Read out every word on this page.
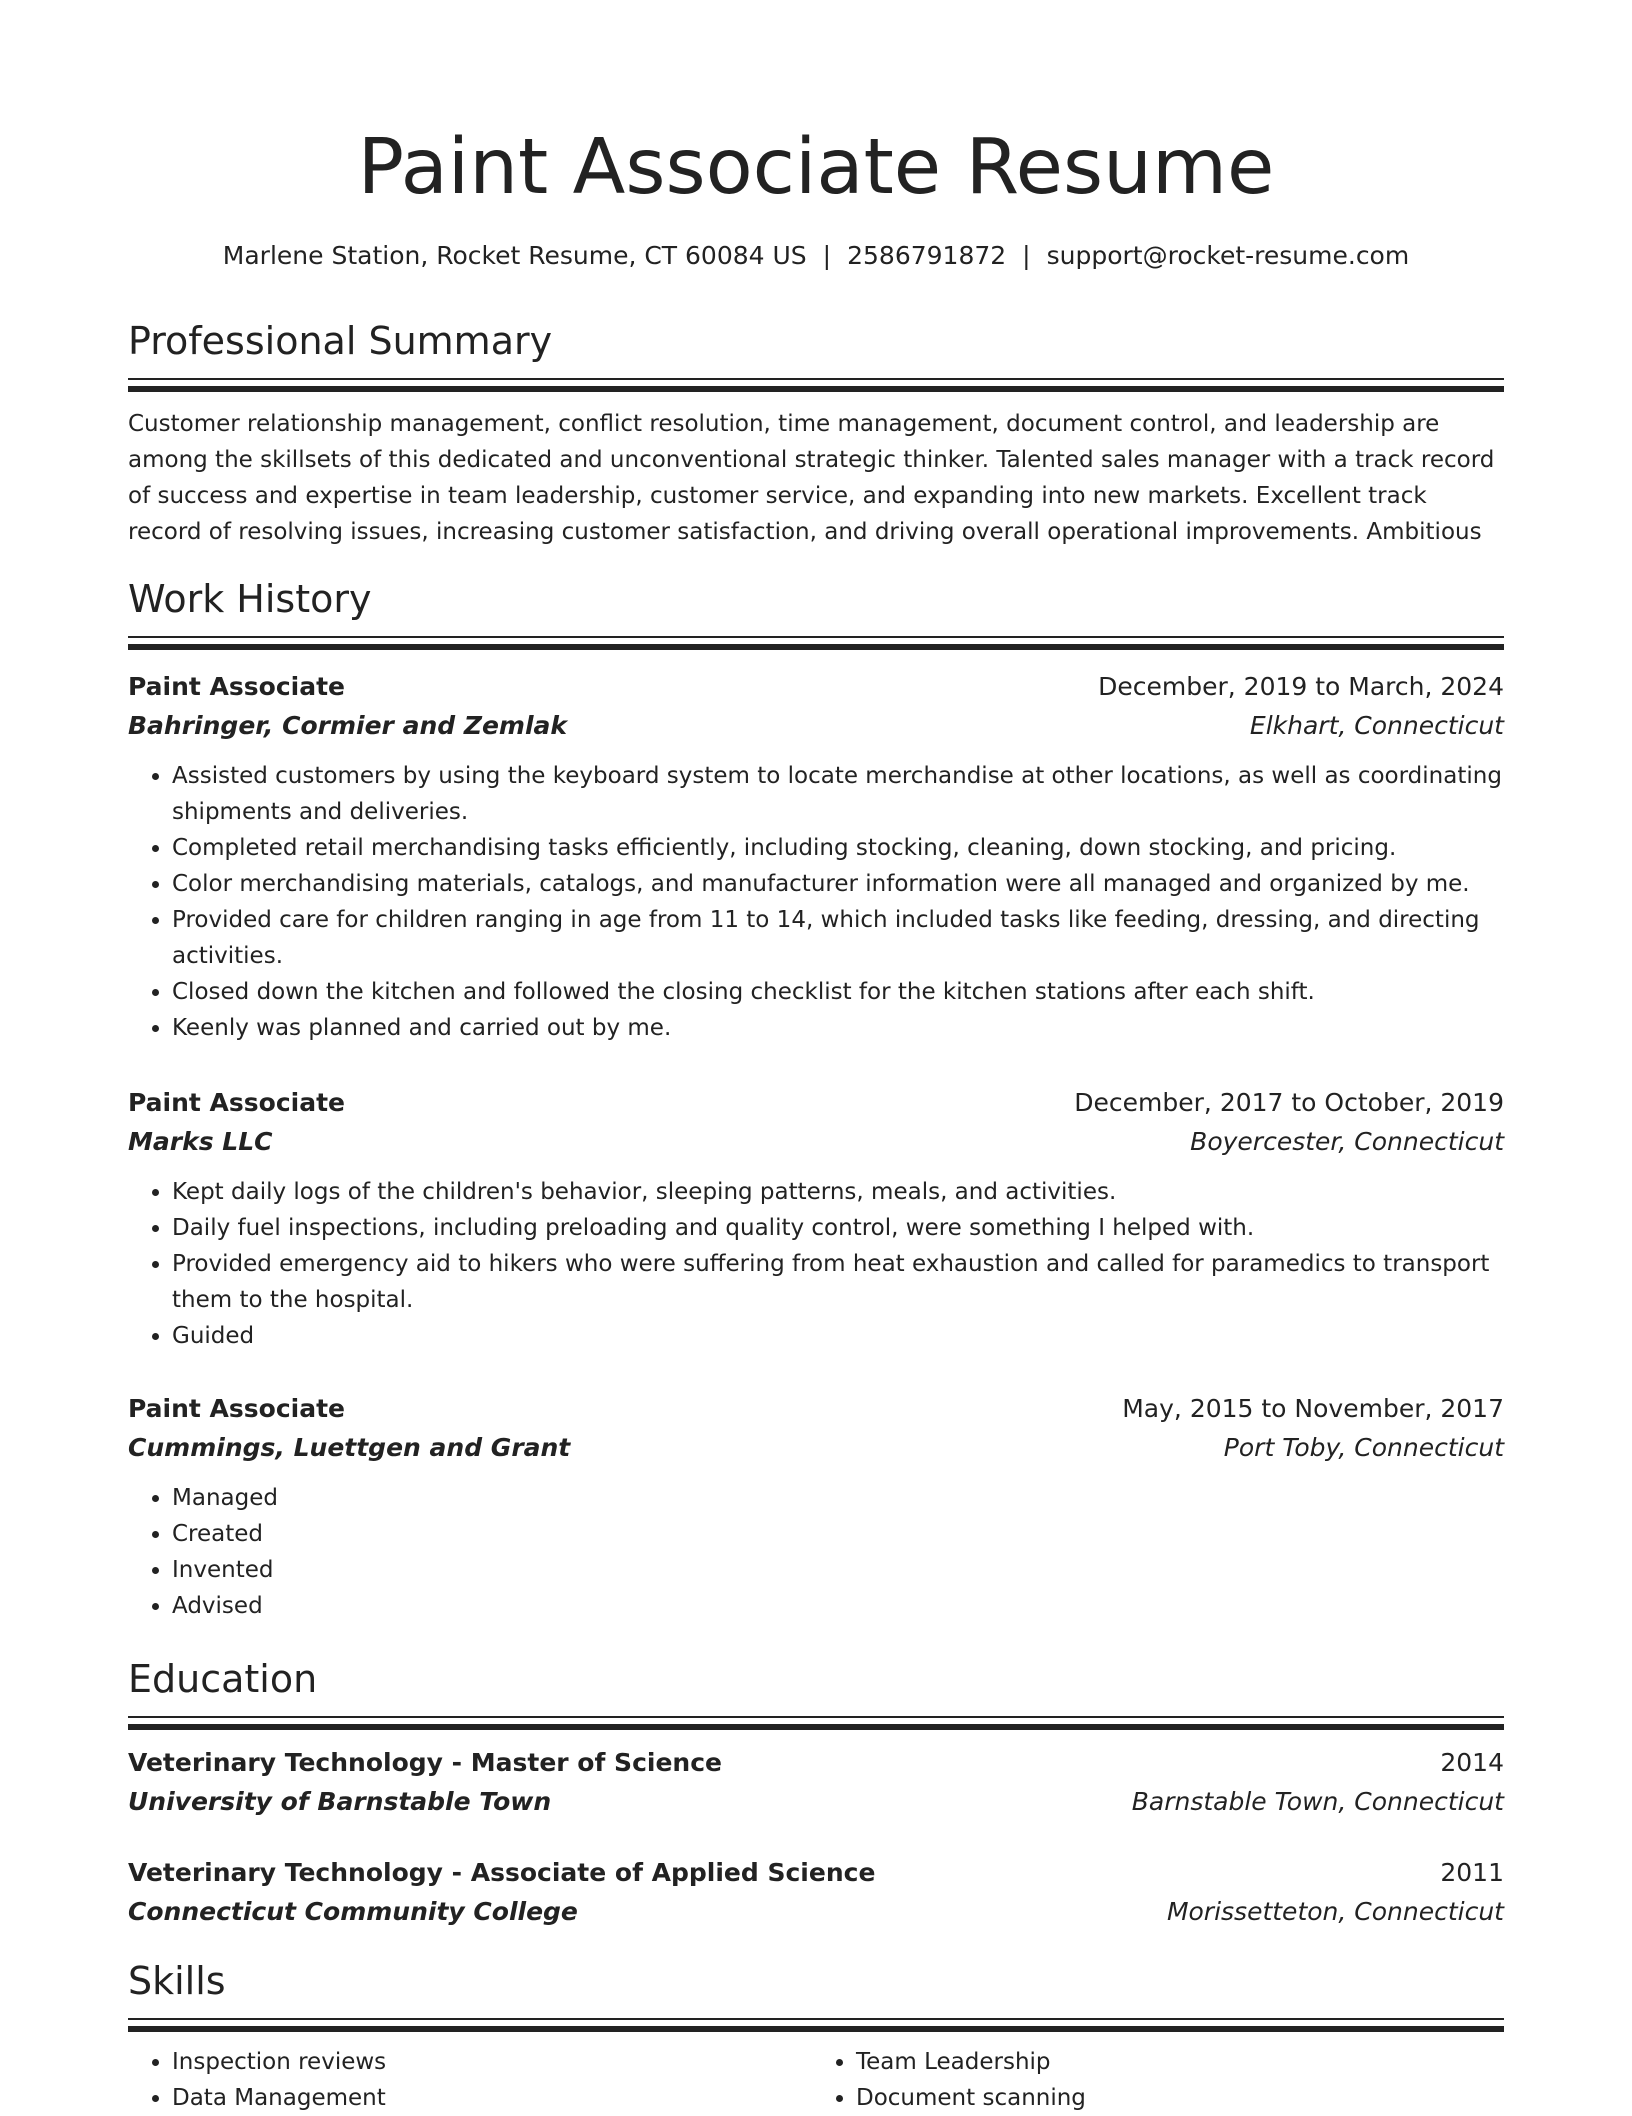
Paint Associate Resume
Marlene Station, Rocket Resume, CT 60084 US | 2586791872 | support@rocket-resume.com
Professional Summary

Customer relationship management, conflict resolution, time management, document control, and leadership are among the skillsets of this dedicated and unconventional strategic thinker. Talented sales manager with a track record of success and expertise in team leadership, customer service, and expanding into new markets. Excellent track record of resolving issues, increasing customer satisfaction, and driving overall operational improvements. Ambitious

Work History
Paint Associate	December, 2019 to March, 2024
Bahringer, Cormier and Zemlak	Elkhart, Connecticut
• Assisted customers by using the keyboard system to locate merchandise at other locations, as well as coordinating shipments and deliveries.
• Completed retail merchandising tasks efficiently, including stocking, cleaning, down stocking, and pricing.
• Color merchandising materials, catalogs, and manufacturer information were all managed and organized by me.
• Provided care for children ranging in age from 11 to 14, which included tasks like feeding, dressing, and directing activities.
• Closed down the kitchen and followed the closing checklist for the kitchen stations after each shift.
• Keenly was planned and carried out by me.
Paint Associate	December, 2017 to October, 2019
Marks LLC	Boyercester, Connecticut
• Kept daily logs of the children's behavior, sleeping patterns, meals, and activities.
• Daily fuel inspections, including preloading and quality control, were something I helped with.
• Provided emergency aid to hikers who were suffering from heat exhaustion and called for paramedics to transport them to the hospital.
• Guided
Paint Associate	May, 2015 to November, 2017
Cummings, Luettgen and Grant	Port Toby, Connecticut
• Managed
• Created
• Invented
• Advised
Education
Veterinary Technology - Master of Science	2014
University of Barnstable Town	Barnstable Town, Connecticut
Veterinary Technology - Associate of Applied Science	2011
Connecticut Community College	Morissetteton, Connecticut
Skills
• Inspection reviews
• Data Management
• Team Leadership
• Document scanning
